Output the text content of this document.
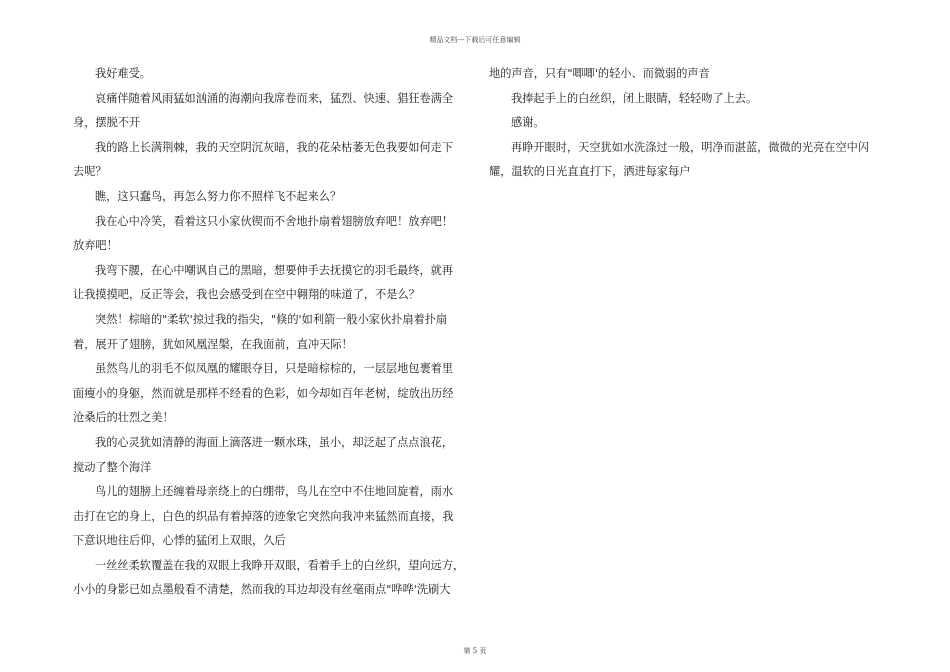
精品文档---下载后可任意编辑
我好难受。
哀痛伴随着风雨猛如汹涌的海潮向我席卷而来，猛烈、快速、猖狂卷满全
身，摆脱不开
我的路上长满荆棘，我的天空阴沉灰暗，我的花朵枯萎无色我要如何走下
去呢？
瞧，这只蠢鸟，再怎么努力你不照样飞不起来么？
我在心中冷笑，看着这只小家伙锲而不舍地扑扇着翅膀放弃吧！放弃吧！
放弃吧！
我弯下腰，在心中嘲讽自己的黑暗，想要伸手去抚摸它的羽毛最终，就再
让我摸摸吧，反正等会，我也会感受到在空中翱翔的味道了，不是么？
突然！棕暗的"柔软'掠过我的指尖，"倏的'如利箭一般小家伙扑扇着扑扇
着，展开了翅膀，犹如风凰涅槃，在我面前，直冲天际！
虽然鸟儿的羽毛不似凤凰的耀眼夺目，只是暗棕棕的，一层层地包裹着里
面瘦小的身躯，然而就是那样不经看的色彩，如今却如百年老树，绽放出历经
沧桑后的壮烈之美！
我的心灵犹如清静的海面上滴落进一颗水珠，虽小，却泛起了点点浪花，
搅动了整个海洋
鸟儿的翅膀上还缠着母亲绕上的白绷带，鸟儿在空中不住地回旋着，雨水
击打在它的身上，白色的织品有着掉落的迹象它突然向我冲来猛然而直接，我
下意识地往后仰，心悸的猛闭上双眼，久后
一丝丝柔软覆盖在我的双眼上我睁开双眼，看着手上的白丝织，望向远方，
小小的身影已如点墨般看不清楚，然而我的耳边却没有丝毫雨点"哗哗'洗刷大
地的声音，只有"唧唧'的轻小、而微弱的声音
我捧起手上的白丝织，闭上眼睛，轻轻吻了上去。
感谢。
再睁开眼时，天空犹如水洗涤过一般，明净而湛蓝，微微的光亮在空中闪
耀，温软的日光直直打下，洒进每家每户
第 5 页
